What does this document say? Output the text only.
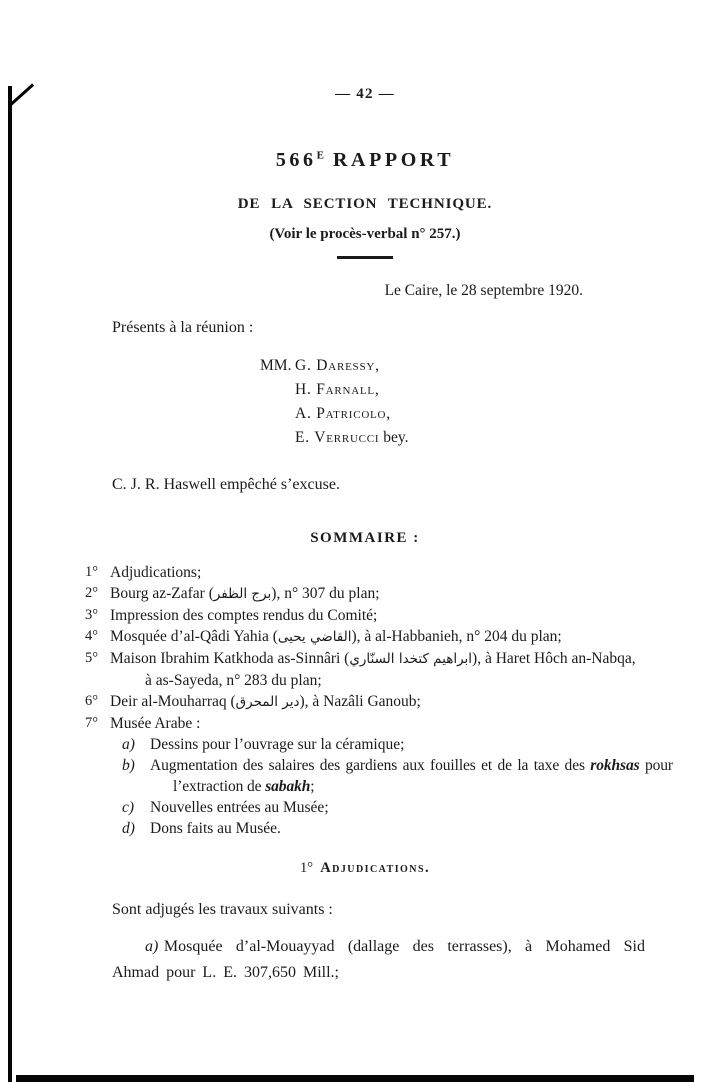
— 42 —
$566^E$ RAPPORT
DE LA SECTION TECHNIQUE.
(Voir le procès-verbal n° 257.)
Le Caire, le 28 septembre 1920.
Présents à la réunion :
MM. G. Daressy,
H. Farnall,
A. Patricolo,
E. Verrucci bey.
C. J. R. Haswell empêché s’excuse.
SOMMAIRE :
1° Adjudications;
2° Bourg az-Zafar (برج الظفر), n° 307 du plan;
3° Impression des comptes rendus du Comité;
4° Mosquée d’al-Qâdi Yahia (القاضي يحيى), à al-Habbanieh, n° 204 du plan;
5° Maison Ibrahim Katkhoda as-Sinnâri (ابراهيم كتخدا السنّاري), à Haret Hôch an-Nabqa, à as-Sayeda, n° 283 du plan;
6° Deir al-Mouharraq (دير المحرق), à Nazâli Ganoub;
7° Musée Arabe :
a) Dessins pour l’ouvrage sur la céramique;
b) Augmentation des salaires des gardiens aux fouilles et de la taxe des rokhsas pour l’extraction de sabakh;
c) Nouvelles entrées au Musée;
d) Dons faits au Musée.
1° Adjudications.
Sont adjugés les travaux suivants :

a) Mosquée d’al-Mouayyad (dallage des terrasses), à Mohamed Sid Ahmad pour L. E. 307,650 Mill.;
